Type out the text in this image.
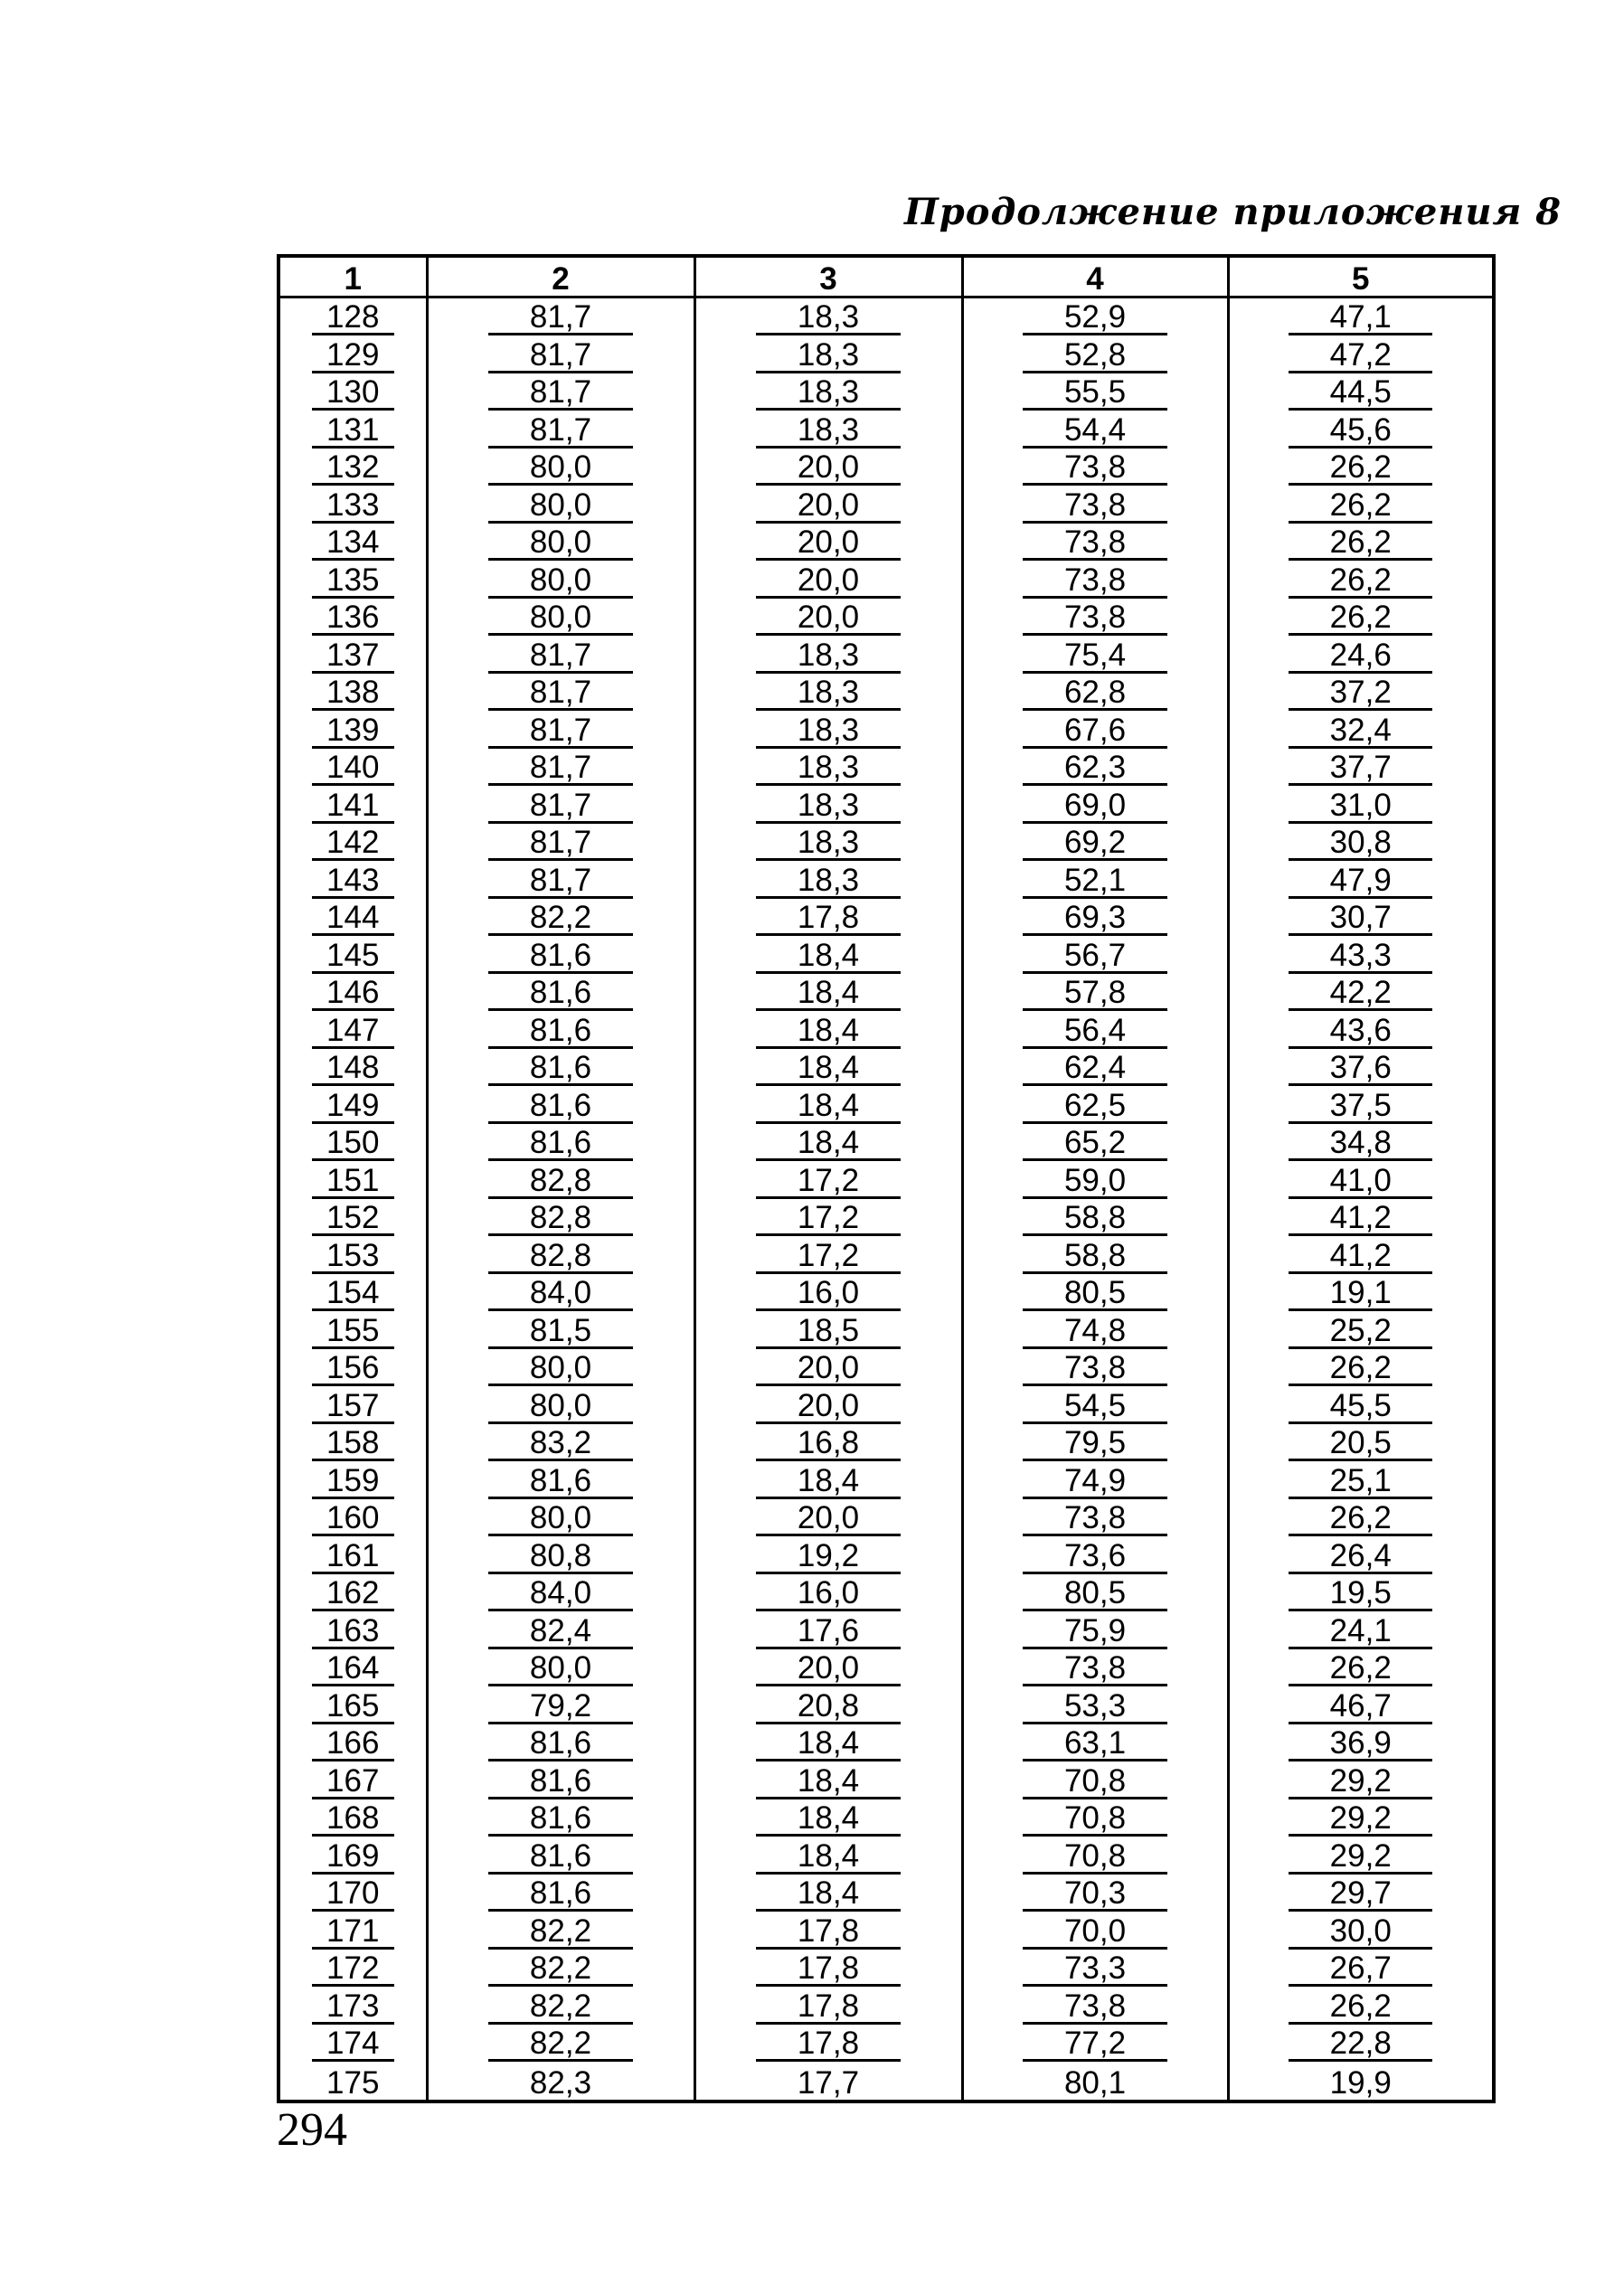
Продолжение приложения 8
1	2	3	4	5
128	81,7	18,3	52,9	47,1
129	81,7	18,3	52,8	47,2
130	81,7	18,3	55,5	44,5
131	81,7	18,3	54,4	45,6
132	80,0	20,0	73,8	26,2
133	80,0	20,0	73,8	26,2
134	80,0	20,0	73,8	26,2
135	80,0	20,0	73,8	26,2
136	80,0	20,0	73,8	26,2
137	81,7	18,3	75,4	24,6
138	81,7	18,3	62,8	37,2
139	81,7	18,3	67,6	32,4
140	81,7	18,3	62,3	37,7
141	81,7	18,3	69,0	31,0
142	81,7	18,3	69,2	30,8
143	81,7	18,3	52,1	47,9
144	82,2	17,8	69,3	30,7
145	81,6	18,4	56,7	43,3
146	81,6	18,4	57,8	42,2
147	81,6	18,4	56,4	43,6
148	81,6	18,4	62,4	37,6
149	81,6	18,4	62,5	37,5
150	81,6	18,4	65,2	34,8
151	82,8	17,2	59,0	41,0
152	82,8	17,2	58,8	41,2
153	82,8	17,2	58,8	41,2
154	84,0	16,0	80,5	19,1
155	81,5	18,5	74,8	25,2
156	80,0	20,0	73,8	26,2
157	80,0	20,0	54,5	45,5
158	83,2	16,8	79,5	20,5
159	81,6	18,4	74,9	25,1
160	80,0	20,0	73,8	26,2
161	80,8	19,2	73,6	26,4
162	84,0	16,0	80,5	19,5
163	82,4	17,6	75,9	24,1
164	80,0	20,0	73,8	26,2
165	79,2	20,8	53,3	46,7
166	81,6	18,4	63,1	36,9
167	81,6	18,4	70,8	29,2
168	81,6	18,4	70,8	29,2
169	81,6	18,4	70,8	29,2
170	81,6	18,4	70,3	29,7
171	82,2	17,8	70,0	30,0
172	82,2	17,8	73,3	26,7
173	82,2	17,8	73,8	26,2
174	82,2	17,8	77,2	22,8
175	82,3	17,7	80,1	19,9
294
